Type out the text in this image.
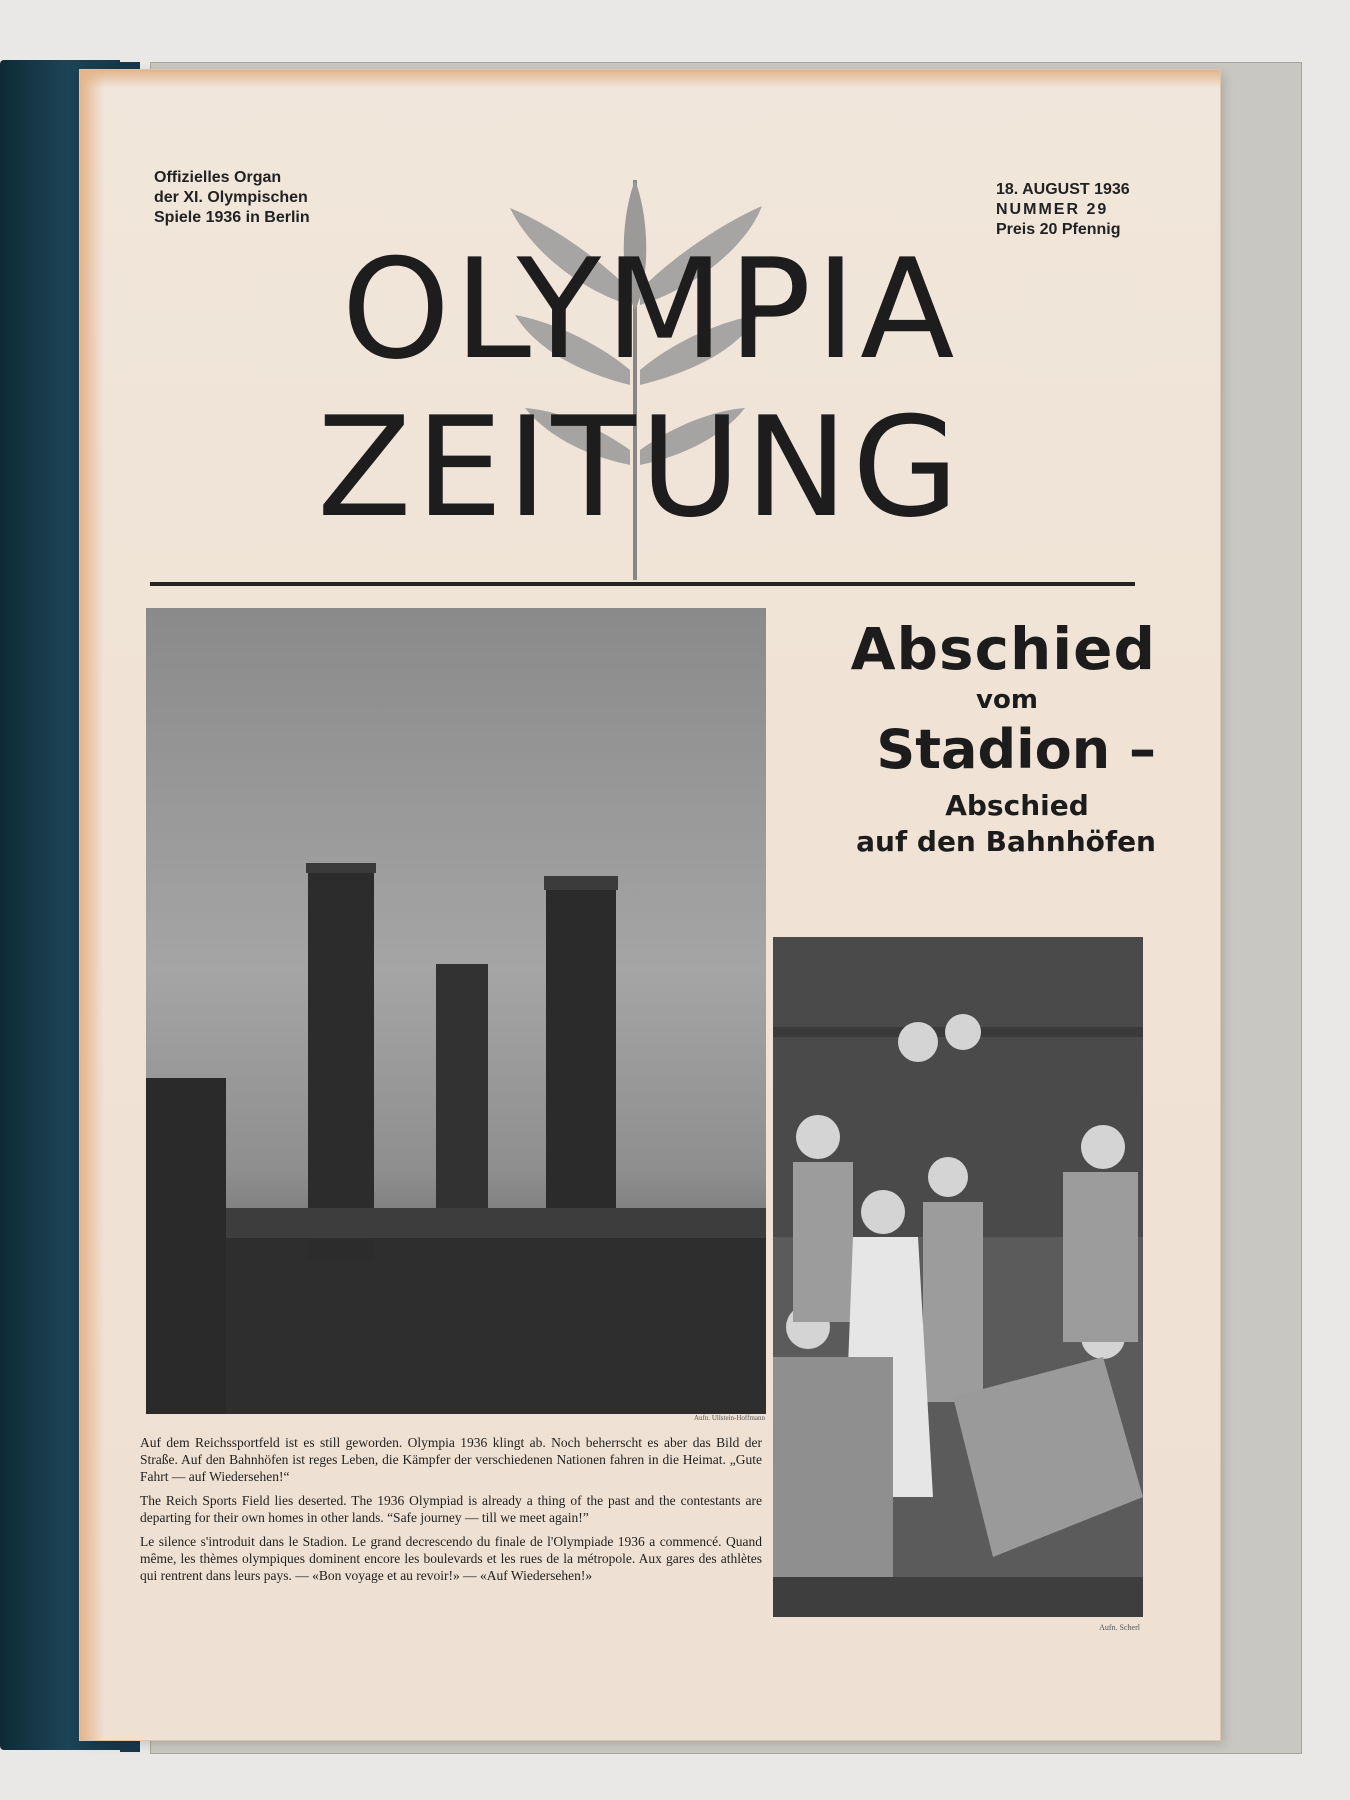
Offizielles Organ
der XI. Olympischen
Spiele 1936 in Berlin
18. AUGUST 1936
NUMMER 29
Preis 20 Pfennig
OLYMPIA
ZEITUNG
Aufn. Ullstein-Hoffmann
Abschied
vom
Stadion –
Abschied
auf den Bahnhöfen
Aufn. Scherl

Auf dem Reichssportfeld ist es still geworden. Olympia 1936 klingt ab. Noch beherrscht es aber das Bild der Straße. Auf den Bahnhöfen ist reges Leben, die Kämpfer der verschiedenen Nationen fahren in die Heimat. „Gute Fahrt — auf Wiedersehen!“

The Reich Sports Field lies deserted. The 1936 Olympiad is already a thing of the past and the contestants are departing for their own homes in other lands. “Safe journey — till we meet again!”

Le silence s'introduit dans le Stadion. Le grand decrescendo du finale de l'Olympiade 1936 a commencé. Quand même, les thèmes olympiques dominent encore les boulevards et les rues de la métropole. Aux gares des athlètes qui rentrent dans leurs pays. — «Bon voyage et au revoir!» — «Auf Wiedersehen!»
